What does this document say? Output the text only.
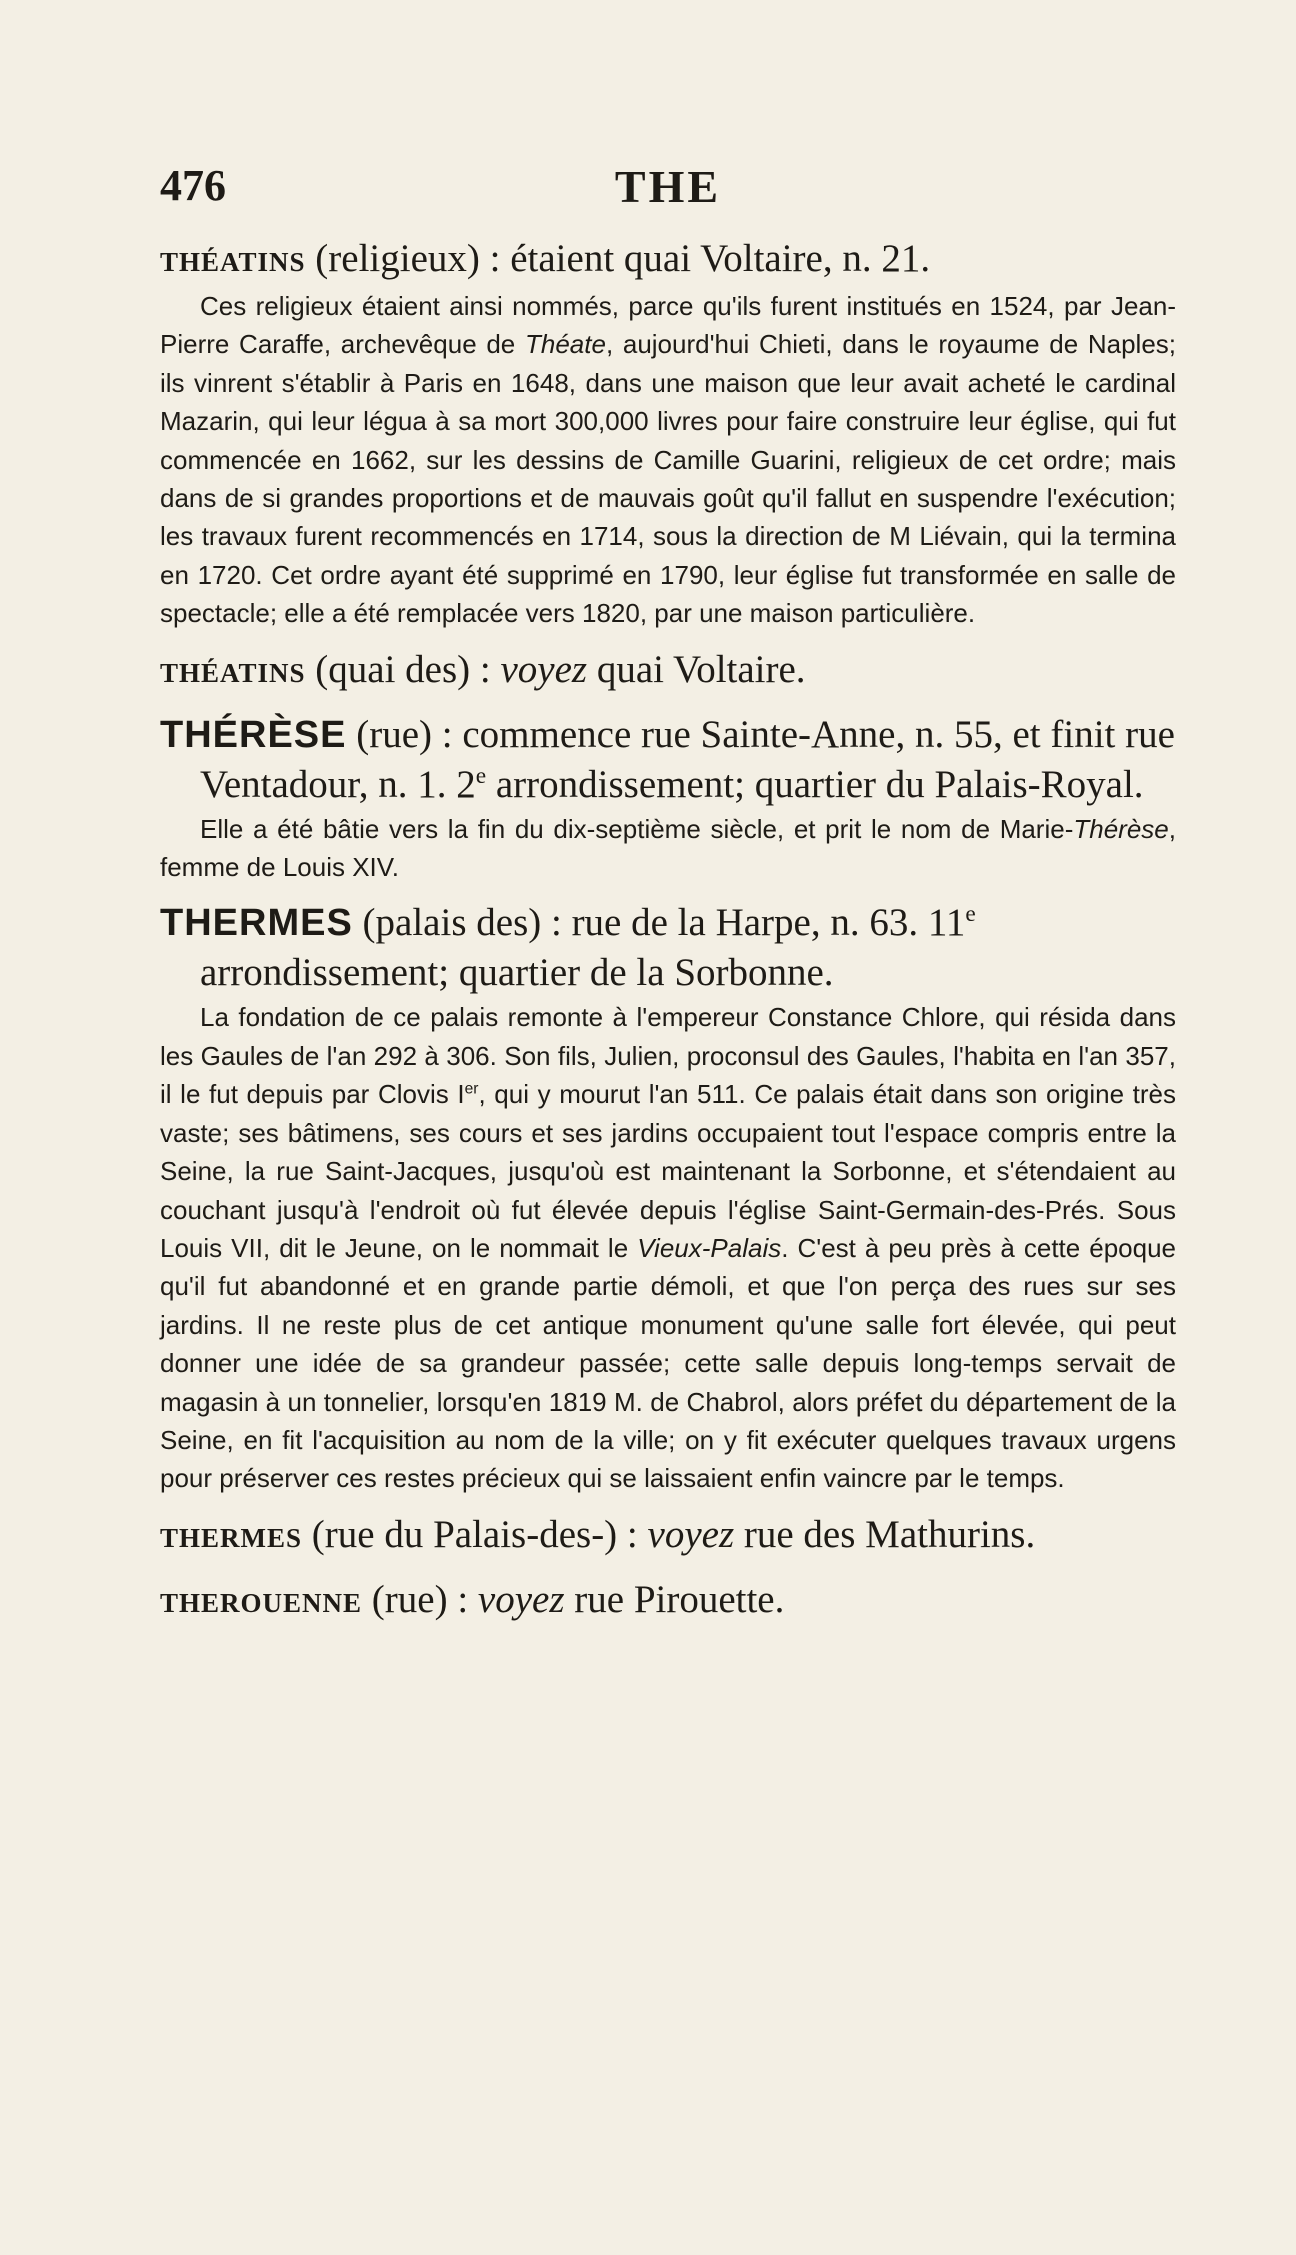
476	THE

THÉATINS (religieux) : étaient quai Voltaire, n. 21.

Ces religieux étaient ainsi nommés, parce qu'ils furent institués en 1524, par Jean-Pierre Caraffe, archevêque de Théate, aujourd'hui Chieti, dans le royaume de Naples; ils vinrent s'établir à Paris en 1648, dans une maison que leur avait acheté le cardinal Mazarin, qui leur légua à sa mort 300,000 livres pour faire construire leur église, qui fut commencée en 1662, sur les dessins de Camille Guarini, religieux de cet ordre; mais dans de si grandes proportions et de mauvais goût qu'il fallut en suspendre l'exécution; les travaux furent recommencés en 1714, sous la direction de M Liévain, qui la termina en 1720. Cet ordre ayant été supprimé en 1790, leur église fut transformée en salle de spectacle; elle a été remplacée vers 1820, par une maison particulière.

THÉATINS (quai des) : voyez quai Voltaire.

THÉRÈSE (rue) : commence rue Sainte-Anne, n. 55, et finit rue Ventadour, n. 1. 2e arrondissement; quartier du Palais-Royal.

Elle a été bâtie vers la fin du dix-septième siècle, et prit le nom de Marie-Thérèse, femme de Louis XIV.

THERMES (palais des) : rue de la Harpe, n. 63. 11e arrondissement; quartier de la Sorbonne.

La fondation de ce palais remonte à l'empereur Constance Chlore, qui résida dans les Gaules de l'an 292 à 306. Son fils, Julien, proconsul des Gaules, l'habita en l'an 357, il le fut depuis par Clovis Ier, qui y mourut l'an 511. Ce palais était dans son origine très vaste; ses bâtimens, ses cours et ses jardins occupaient tout l'espace compris entre la Seine, la rue Saint-Jacques, jusqu'où est maintenant la Sorbonne, et s'étendaient au couchant jusqu'à l'endroit où fut élevée depuis l'église Saint-Germain-des-Prés. Sous Louis VII, dit le Jeune, on le nommait le Vieux-Palais. C'est à peu près à cette époque qu'il fut abandonné et en grande partie démoli, et que l'on perça des rues sur ses jardins. Il ne reste plus de cet antique monument qu'une salle fort élevée, qui peut donner une idée de sa grandeur passée; cette salle depuis long-temps servait de magasin à un tonnelier, lorsqu'en 1819 M. de Chabrol, alors préfet du département de la Seine, en fit l'acquisition au nom de la ville; on y fit exécuter quelques travaux urgens pour préserver ces restes précieux qui se laissaient enfin vaincre par le temps.

THERMES (rue du Palais-des-) : voyez rue des Mathurins.

THEROUENNE (rue) : voyez rue Pirouette.
